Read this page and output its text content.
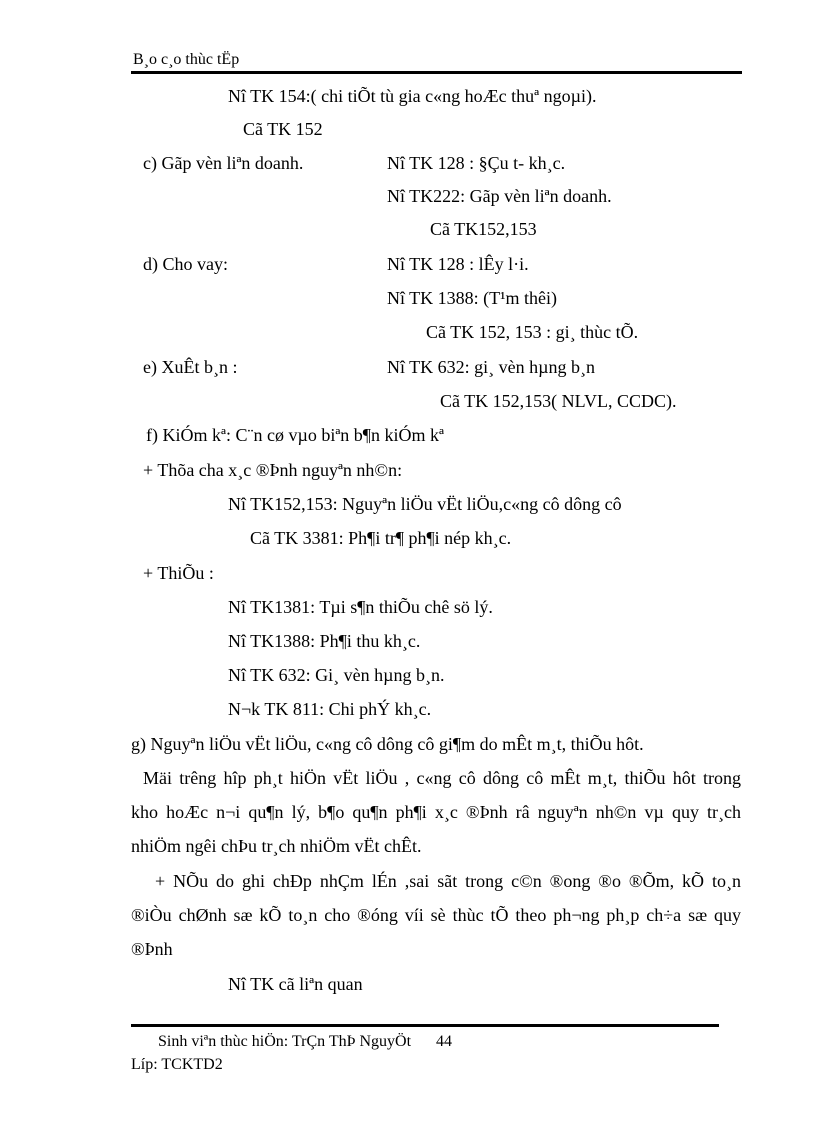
B¸o c¸o thùc tËp
Nî TK 154:( chi tiÕt tù gia c«ng hoÆc thuª ngoµi).
Cã TK 152
c) Gãp vèn liªn doanh.	Nî TK 128 : §Çu t- kh¸c.
Nî TK222: Gãp vèn liªn doanh.
Cã TK152,153
d) Cho vay:	Nî TK 128 : lÊy l·i.
Nî TK 1388: (T¹m thêi)
Cã TK 152, 153 : gi¸ thùc tÕ.
e) XuÊt b¸n :	Nî TK 632: gi¸ vèn hµng b¸n
Cã TK 152,153( NLVL, CCDC).
f) KiÓm kª: C¨n cø vµo biªn b¶n kiÓm kª
+ Thõa cha x¸c ®Þnh nguyªn nh©n:
Nî TK152,153: Nguyªn liÖu vËt liÖu,c«ng cô dông cô
Cã TK 3381: Ph¶i tr¶ ph¶i nép kh¸c.
+ ThiÕu :
Nî TK1381: Tµi s¶n thiÕu chê sö lý.
Nî TK1388: Ph¶i thu kh¸c.
Nî TK 632: Gi¸ vèn hµng b¸n.
N¬k TK 811: Chi phÝ kh¸c.
g) Nguyªn liÖu vËt liÖu, c«ng cô dông cô gi¶m do mÊt m¸t, thiÕu hôt.
Mäi trêng hîp ph¸t hiÖn vËt liÖu , c«ng cô dông cô mÊt m¸t, thiÕu hôt trong
kho hoÆc n¬i qu¶n lý, b¶o qu¶n ph¶i x¸c ®Þnh râ nguyªn nh©n vµ quy tr¸ch
nhiÖm ngêi chÞu tr¸ch nhiÖm vËt chÊt.
+ NÕu do ghi chÐp nhÇm lÉn ,sai sãt trong c©n ®ong ®o ®Õm, kÕ to¸n
®iÒu chØnh sæ kÕ to¸n cho ®óng víi sè thùc tÕ theo ph¬ng ph¸p ch÷a sæ quy
®Þnh
Nî TK cã liªn quan
Sinh viªn thùc hiÖn: TrÇn ThÞ NguyÖt 44
Líp: TCKTD2
